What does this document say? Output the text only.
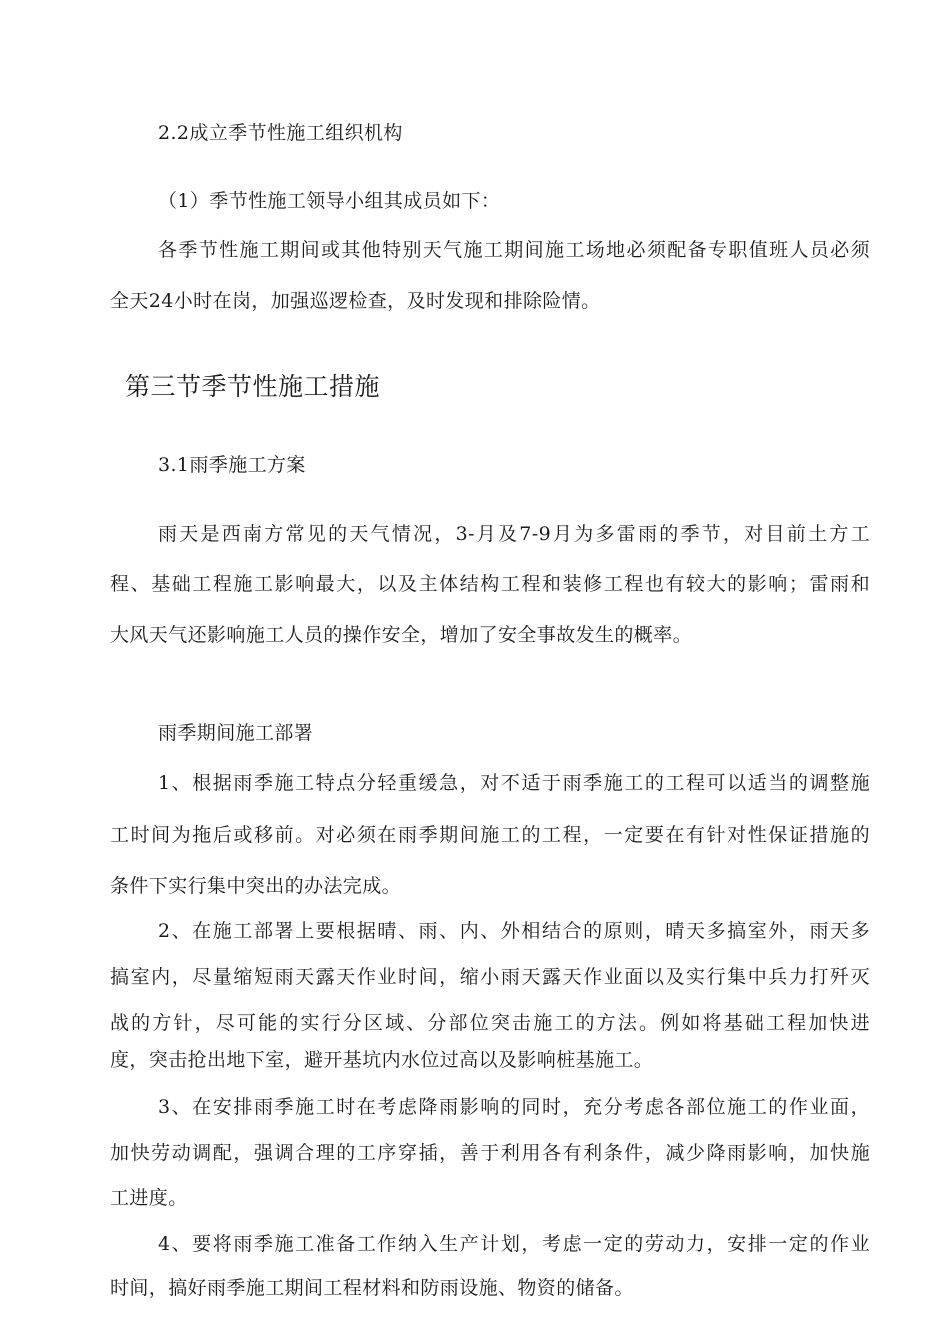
2.2成立季节性施工组织机构
（1）季节性施工领导小组其成员如下：
各季节性施工期间或其他特别天气施工期间施工场地必须配备专职值班人员必须
全天24小时在岗，加强巡逻检查，及时发现和排除险情。
第三节季节性施工措施
3.1雨季施工方案
雨天是西南方常见的天气情况，3-月及7-9月为多雷雨的季节，对目前土方工
程、基础工程施工影响最大，以及主体结构工程和装修工程也有较大的影响；雷雨和
大风天气还影响施工人员的操作安全，增加了安全事故发生的概率。
雨季期间施工部署
1、根据雨季施工特点分轻重缓急，对不适于雨季施工的工程可以适当的调整施
工时间为拖后或移前。对必须在雨季期间施工的工程，一定要在有针对性保证措施的
条件下实行集中突出的办法完成。
2、在施工部署上要根据晴、雨、内、外相结合的原则，晴天多搞室外，雨天多
搞室内，尽量缩短雨天露天作业时间，缩小雨天露天作业面以及实行集中兵力打歼灭
战的方针，尽可能的实行分区域、分部位突击施工的方法。例如将基础工程加快进
度，突击抢出地下室，避开基坑内水位过高以及影响桩基施工。
3、在安排雨季施工时在考虑降雨影响的同时，充分考虑各部位施工的作业面，
加快劳动调配，强调合理的工序穿插，善于利用各有利条件，减少降雨影响，加快施
工进度。
4、要将雨季施工准备工作纳入生产计划，考虑一定的劳动力，安排一定的作业
时间，搞好雨季施工期间工程材料和防雨设施、物资的储备。
